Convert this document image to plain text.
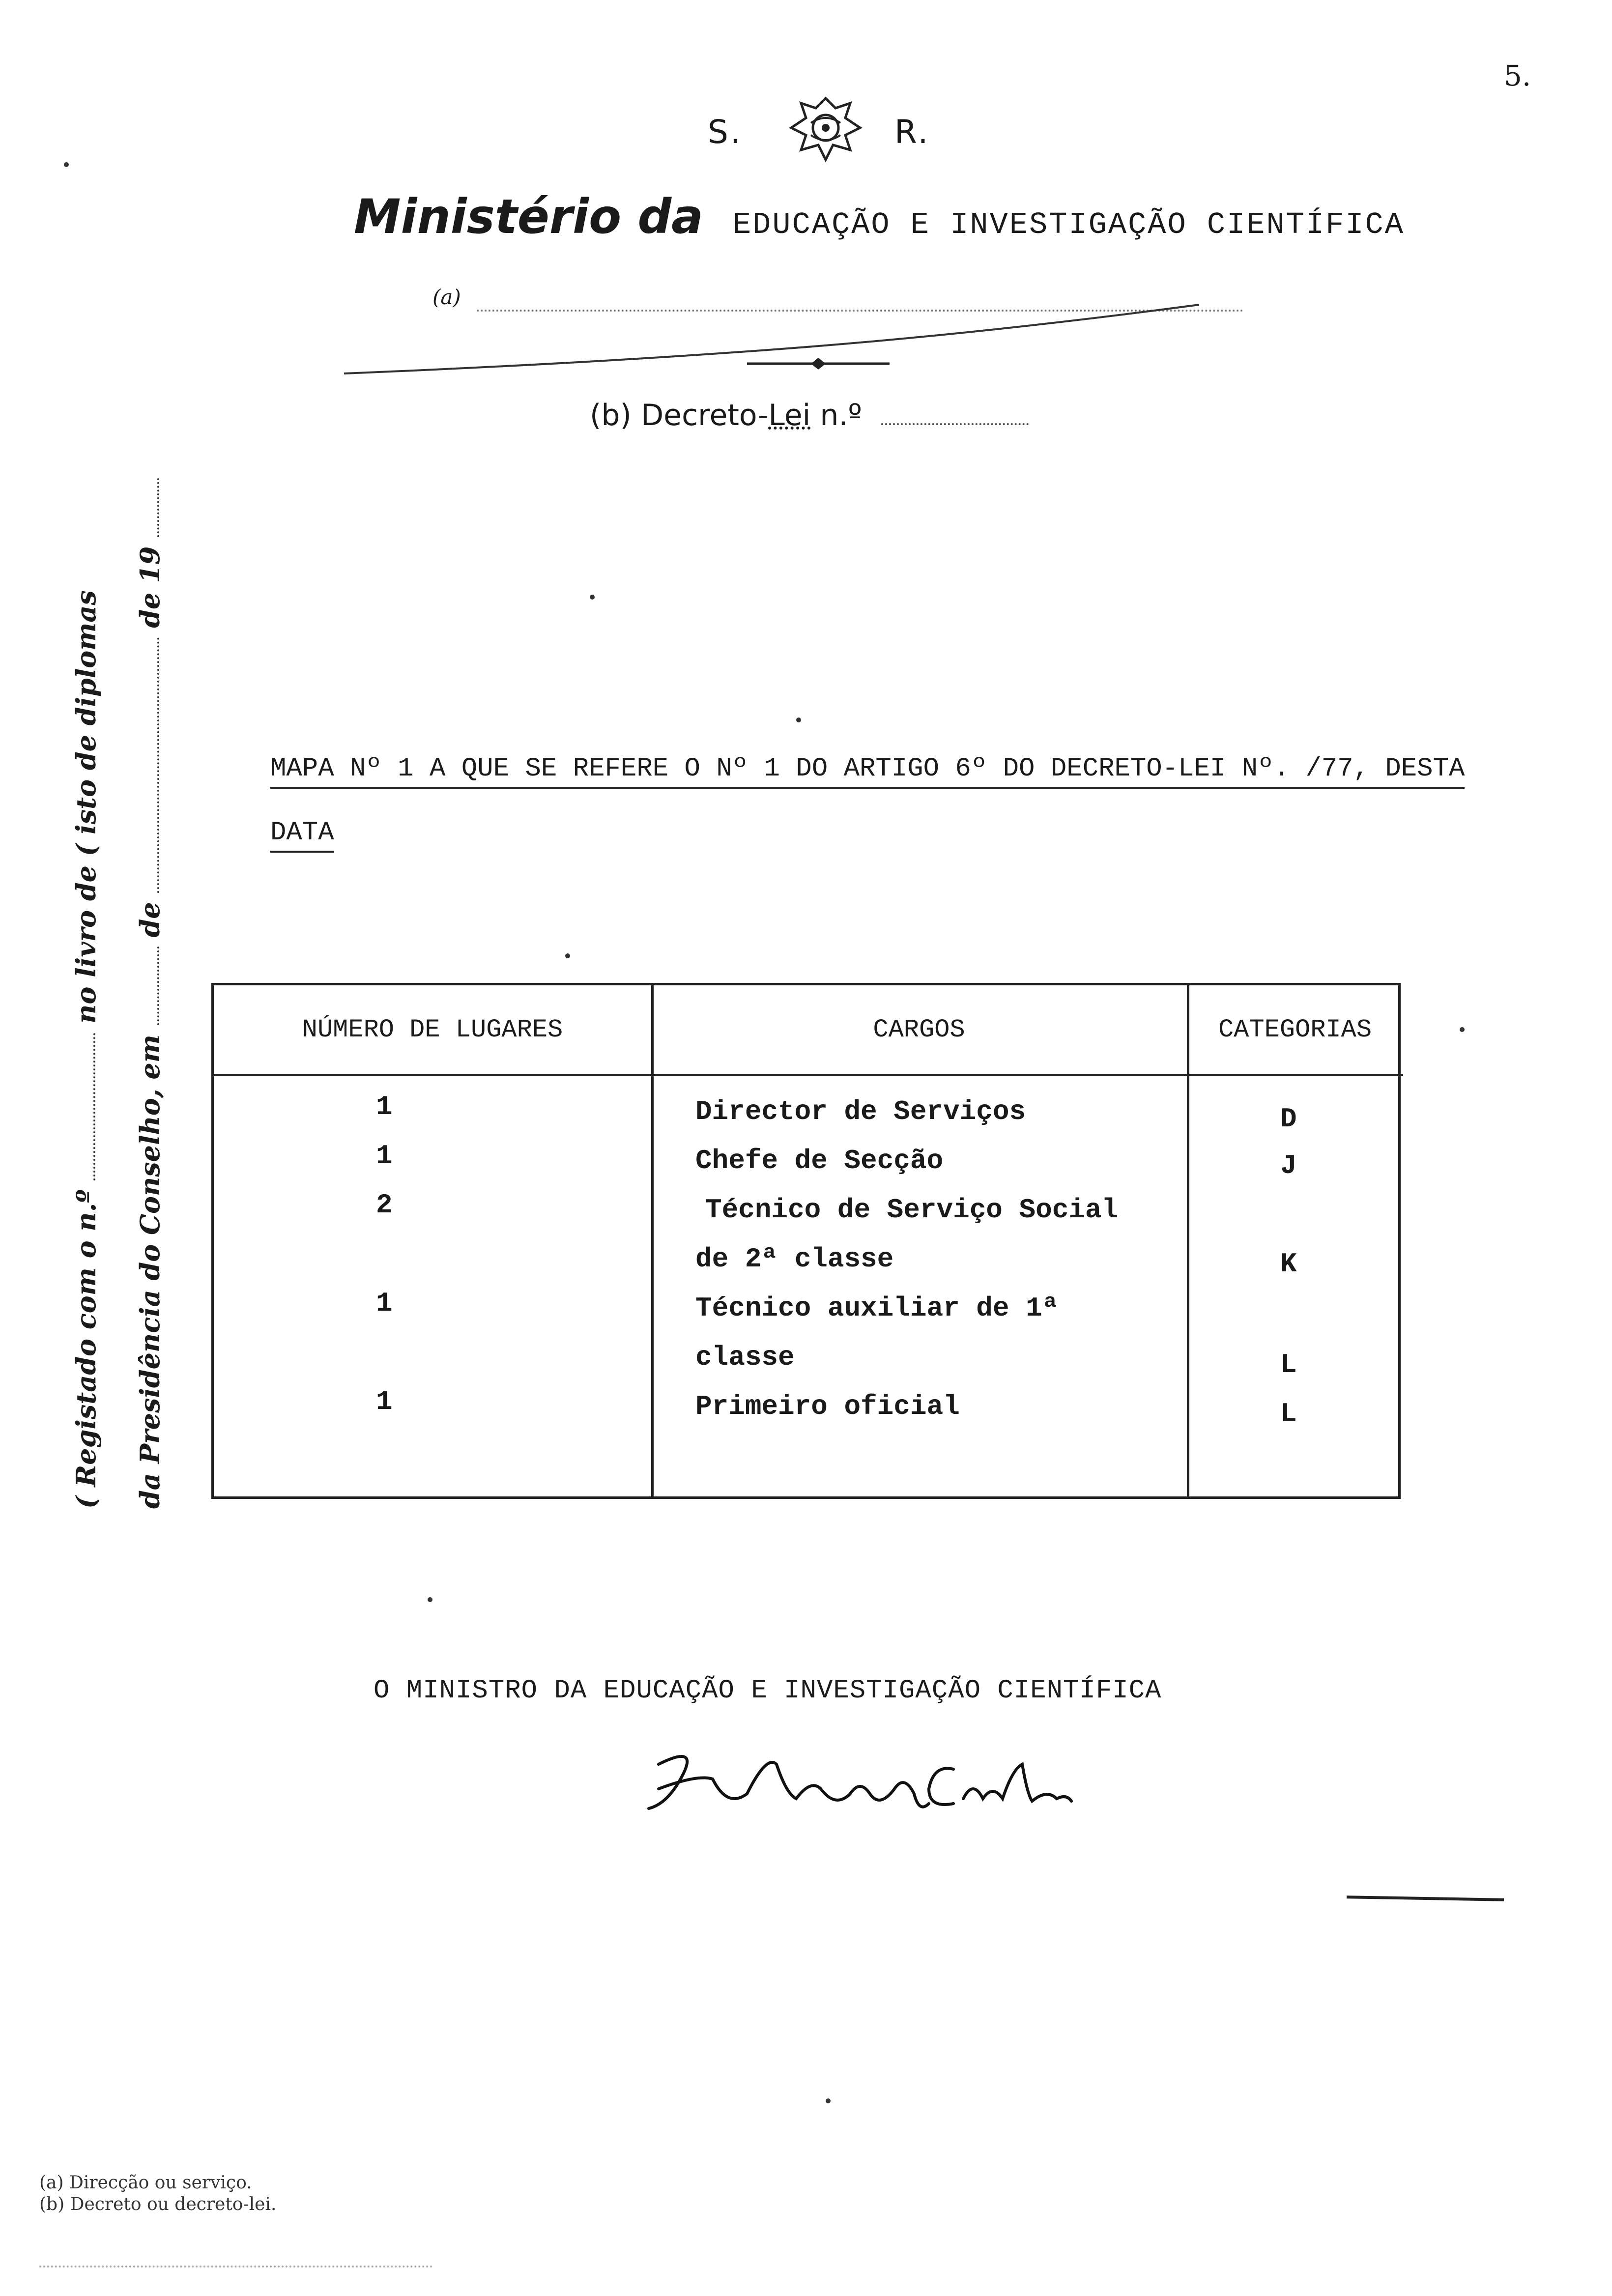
5.
S.	R.
Ministério da EDUCAÇÃO E INVESTIGAÇÃO CIENTÍFICA
(a)
(b) Decreto-Lei n.º
( Registado com o n.º  no livro de ( isto de diplomas
da Presidência do Conselho, em  de  de 19
MAPA Nº 1 A QUE SE REFERE O Nº 1 DO ARTIGO 6º DO DECRETO-LEI Nº. /77, DESTA
DATA
NÚMERO DE LUGARES
1
1
2
1
1
CARGOS
Director de Serviços
Chefe de Secção
Técnico de Serviço Social
de 2ª classe
Técnico auxiliar de 1ª
classe
Primeiro oficial
CATEGORIAS
D
J
K
L
L
O MINISTRO DA EDUCAÇÃO E INVESTIGAÇÃO CIENTÍFICA
(a) Direcção ou serviço.
(b) Decreto ou decreto-lei.
